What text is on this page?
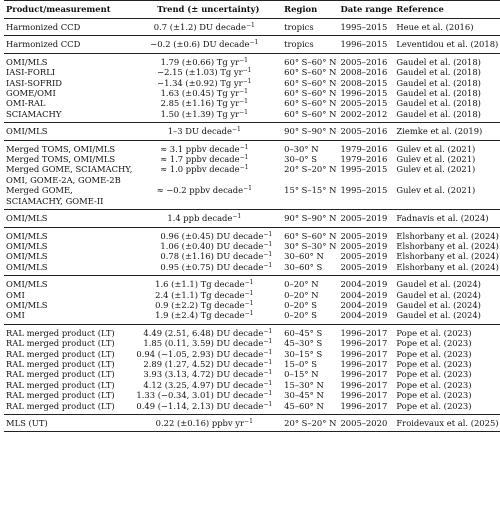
Product/measurement	Trend (± uncertainty)	Region	Date range	Reference
Harmonized CCD	0.7 (±1.2) DU decade$^{-1}$	tropics	1995–2015	Heue et al. (2016)
Harmonized CCD	−0.2 (±0.6) DU decade$^{-1}$	tropics	1996–2015	Leventidou et al. (2018)
OMI/MLS	1.79 (±0.66) Tg $yr^{-1}$	60° S–60° N	2005–2016	Gaudel et al. (2018)
IASI-FORLI	−2.15 (±1.03) Tg $yr^{-1}$	60° S–60° N	2008–2016	Gaudel et al. (2018)
IASI-SOFRID	−1.34 (±0.92) Tg $yr^{-1}$	60° S–60° N	2008–2015	Gaudel et al. (2018)
GOME/OMI	1.63 (±0.45) Tg $yr^{-1}$	60° S–60° N	1996–2015	Gaudel et al. (2018)
OMI-RAL	2.85 (±1.16) Tg $yr^{-1}$	60° S–60° N	2005–2015	Gaudel et al. (2018)
SCIAMACHY	1.50 (±1.39) Tg $yr^{-1}$	60° S–60° N	2002–2012	Gaudel et al. (2018)
OMI/MLS	1–3 DU decade$^{-1}$	90° S–90° N	2005–2016	Ziemke et al. (2019)
Merged TOMS, OMI/MLS	≈ 3.1 ppbv decade$^{-1}$	0–30° N	1979–2016	Gulev et al. (2021)
Merged TOMS, OMI/MLS	≈ 1.7 ppbv decade$^{-1}$	30–0° S	1979–2016	Gulev et al. (2021)
Merged GOME, SCIAMACHY,	≈ 1.0 ppbv decade$^{-1}$	20° S–20° N	1995–2015	Gulev et al. (2021)
OMI, GOME-2A, GOME-2B				
Merged GOME,	≈ −0.2 ppbv decade$^{-1}$	15° S–15° N	1995–2015	Gulev et al. (2021)
SCIAMACHY, GOME-II				
OMI/MLS	1.4 ppb decade$^{-1}$	90° S–90° N	2005–2019	Fadnavis et al. (2024)
OMI/MLS	0.96 (±0.45) DU decade$^{-1}$	60° S–60° N	2005–2019	Elshorbany et al. (2024)
OMI/MLS	1.06 (±0.40) DU decade$^{-1}$	30° S–30° N	2005–2019	Elshorbany et al. (2024)
OMI/MLS	0.78 (±1.16) DU decade$^{-1}$	30–60° N	2005–2019	Elshorbany et al. (2024)
OMI/MLS	0.95 (±0.75) DU decade$^{-1}$	30–60° S	2005–2019	Elshorbany et al. (2024)
OMI/MLS	1.6 (±1.1) Tg decade$^{-1}$	0–20° N	2004–2019	Gaudel et al. (2024)
OMI	2.4 (±1.1) Tg decade$^{-1}$	0–20° N	2004–2019	Gaudel et al. (2024)
OMI/MLS	0.9 (±2.2) Tg decade$^{-1}$	0–20° S	2004–2019	Gaudel et al. (2024)
OMI	1.9 (±2.4) Tg decade$^{-1}$	0–20° S	2004–2019	Gaudel et al. (2024)
RAL merged product (LT)	4.49 (2.51, 6.48) DU decade$^{-1}$	60–45° S	1996–2017	Pope et al. (2023)
RAL merged product (LT)	1.85 (0.11, 3.59) DU decade$^{-1}$	45–30° S	1996–2017	Pope et al. (2023)
RAL merged product (LT)	0.94 (−1.05, 2.93) DU decade$^{-1}$	30–15° S	1996–2017	Pope et al. (2023)
RAL merged product (LT)	2.89 (1.27, 4.52) DU decade$^{-1}$	15–0° S	1996–2017	Pope et al. (2023)
RAL merged product (LT)	3.93 (3.13, 4.72) DU decade$^{-1}$	0–15° N	1996–2017	Pope et al. (2023)
RAL merged product (LT)	4.12 (3.25, 4.97) DU decade$^{-1}$	15–30° N	1996–2017	Pope et al. (2023)
RAL merged product (LT)	1.33 (−0.34, 3.01) DU decade$^{-1}$	30–45° N	1996–2017	Pope et al. (2023)
RAL merged product (LT)	0.49 (−1.14, 2.13) DU decade$^{-1}$	45–60° N	1996–2017	Pope et al. (2023)
MLS (UT)	0.22 (±0.16) ppbv $yr^{-1}$	20° S–20° N	2005–2020	Froidevaux et al. (2025)
